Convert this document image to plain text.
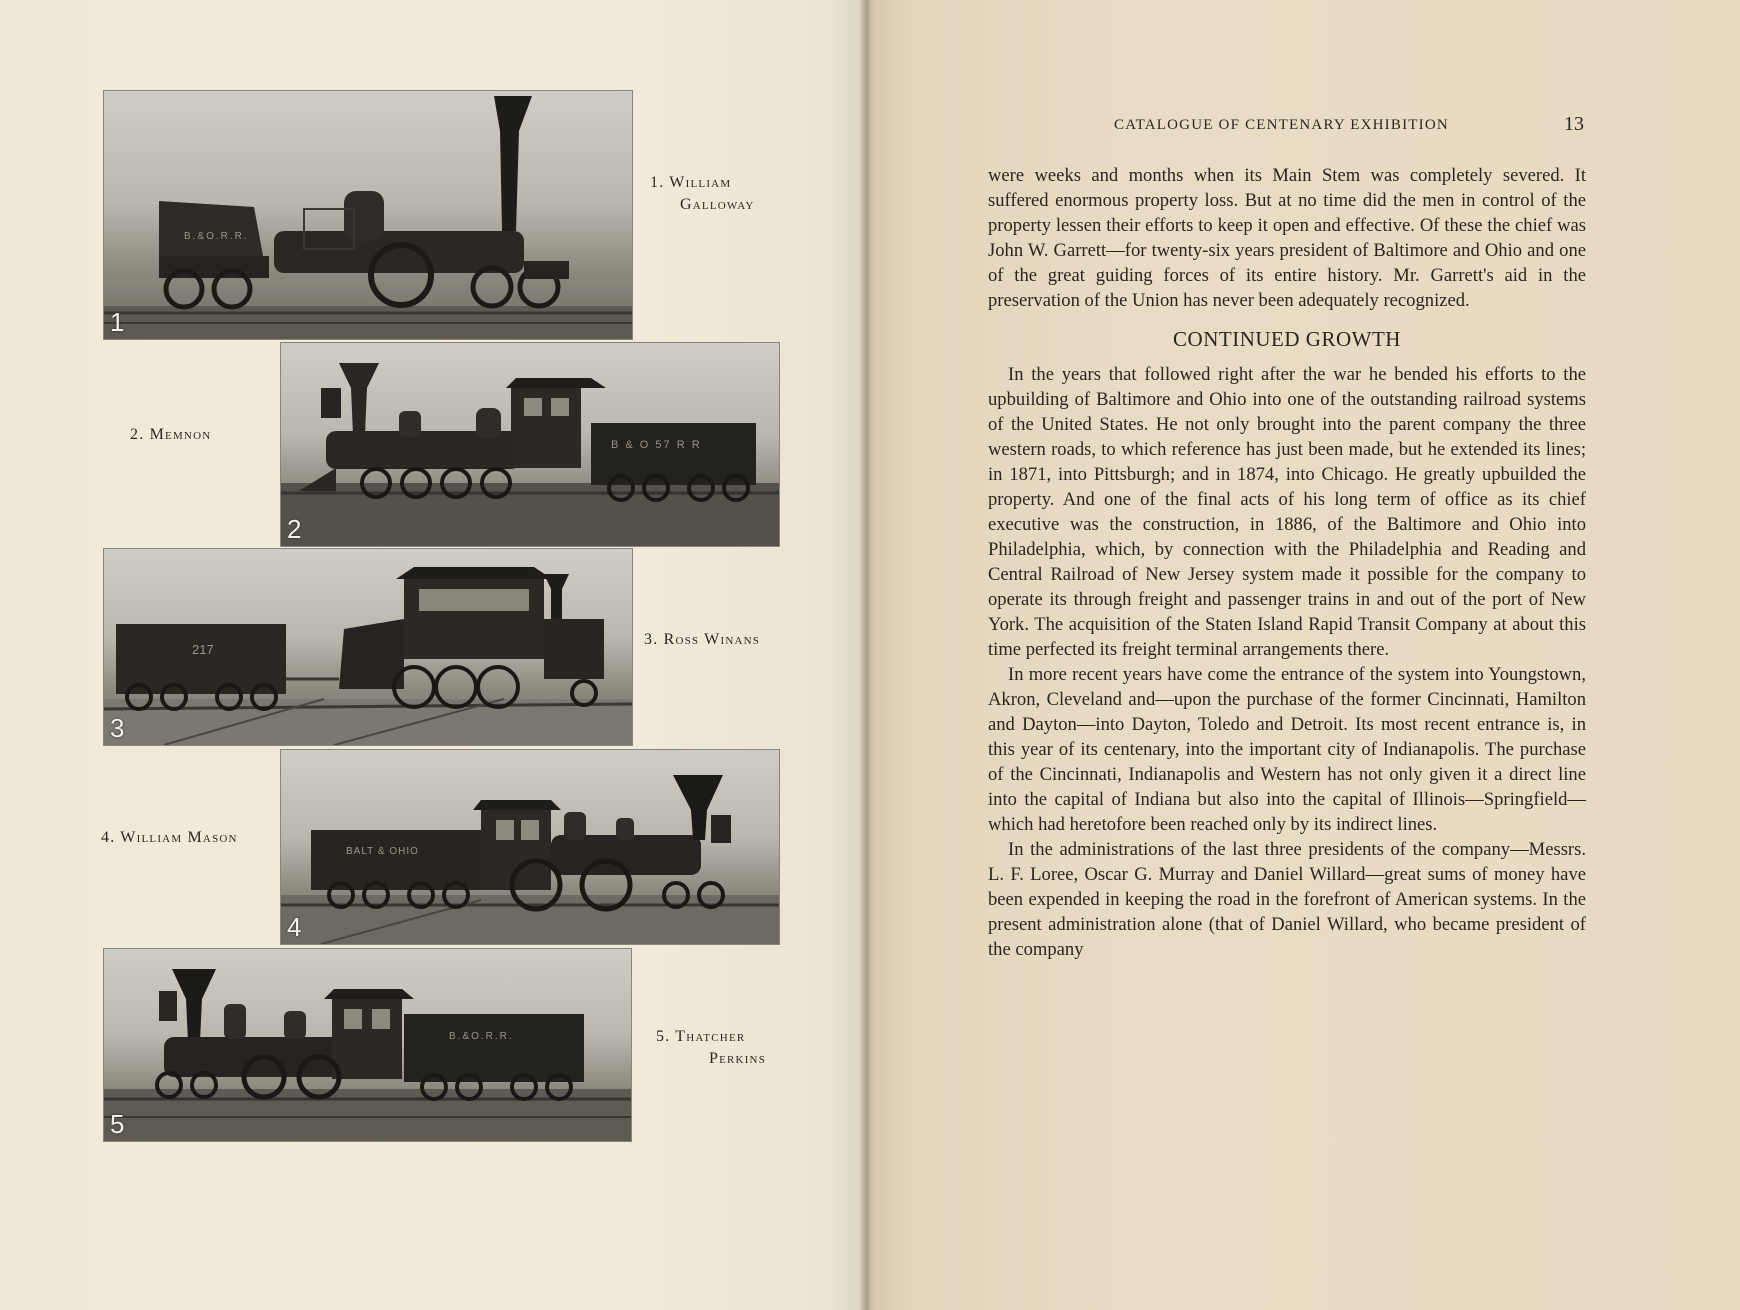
B.&O.R.R.
1
1. William
Galloway
B & O 57 R R
2
2. Memnon
217
3
3. Ross Winans
BALT & OHIO
4
4. William Mason
B.&O.R.R.
5
5. Thatcher
Perkins
CATALOGUE OF CENTENARY EXHIBITION	13

were weeks and months when its Main Stem was completely severed. It suffered enormous property loss. But at no time did the men in control of the property lessen their efforts to keep it open and effective. Of these the chief was John W. Garrett—for twenty-six years president of Baltimore and Ohio and one of the great guiding forces of its entire history. Mr. Garrett's aid in the preservation of the Union has never been adequately recognized.

CONTINUED GROWTH

In the years that followed right after the war he bended his efforts to the upbuilding of Baltimore and Ohio into one of the outstanding railroad systems of the United States. He not only brought into the parent company the three western roads, to which reference has just been made, but he extended its lines; in 1871, into Pittsburgh; and in 1874, into Chicago. He greatly upbuilded the property. And one of the final acts of his long term of office as its chief executive was the construction, in 1886, of the Baltimore and Ohio into Philadelphia, which, by connection with the Philadelphia and Reading and Central Railroad of New Jersey system made it possible for the company to operate its through freight and passenger trains in and out of the port of New York. The acquisition of the Staten Island Rapid Transit Company at about this time perfected its freight terminal arrangements there.

In more recent years have come the entrance of the system into Youngstown, Akron, Cleveland and—upon the purchase of the former Cincinnati, Hamilton and Dayton—into Dayton, Toledo and Detroit. Its most recent entrance is, in this year of its centenary, into the important city of Indianapolis. The purchase of the Cincinnati, Indianapolis and Western has not only given it a direct line into the capital of Indiana but also into the capital of Illinois—Springfield—which had heretofore been reached only by its indirect lines.

In the administrations of the last three presidents of the company—Messrs. L. F. Loree, Oscar G. Murray and Daniel Willard—great sums of money have been expended in keeping the road in the forefront of American systems. In the present administration alone (that of Daniel Willard, who became president of the company
